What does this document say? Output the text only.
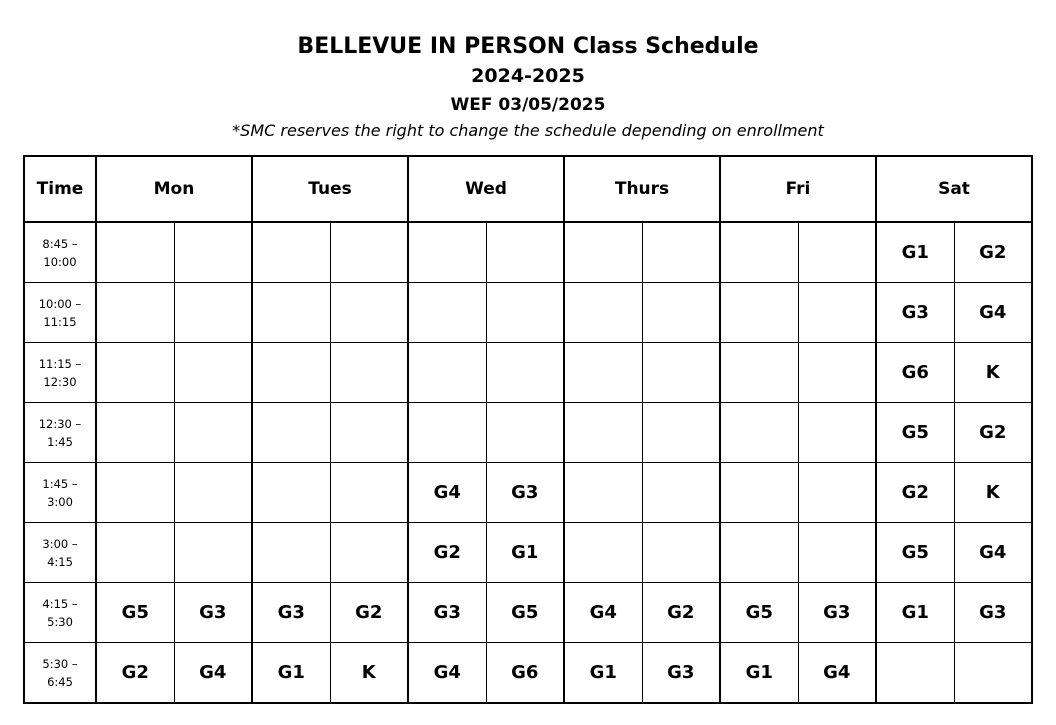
BELLEVUE IN PERSON Class Schedule
2024-2025
WEF 03/05/2025
*SMC reserves the right to change the schedule depending on enrollment
Time	Mon		Tues		Wed		Thurs		Fri		Sat	

8:45 –
10:00											G1	G2

10:00 –
11:15											G3	G4

11:15 –
12:30											G6	K

12:30 –
1:45											G5	G2

1:45 –
3:00					G4	G3					G2	K

3:00 –
4:15					G2	G1					G5	G4

4:15 –
5:30	G5	G3	G3	G2	G3	G5	G4	G2	G5	G3	G1	G3

5:30 –
6:45	G2	G4	G1	K	G4	G6	G1	G3	G1	G4		
